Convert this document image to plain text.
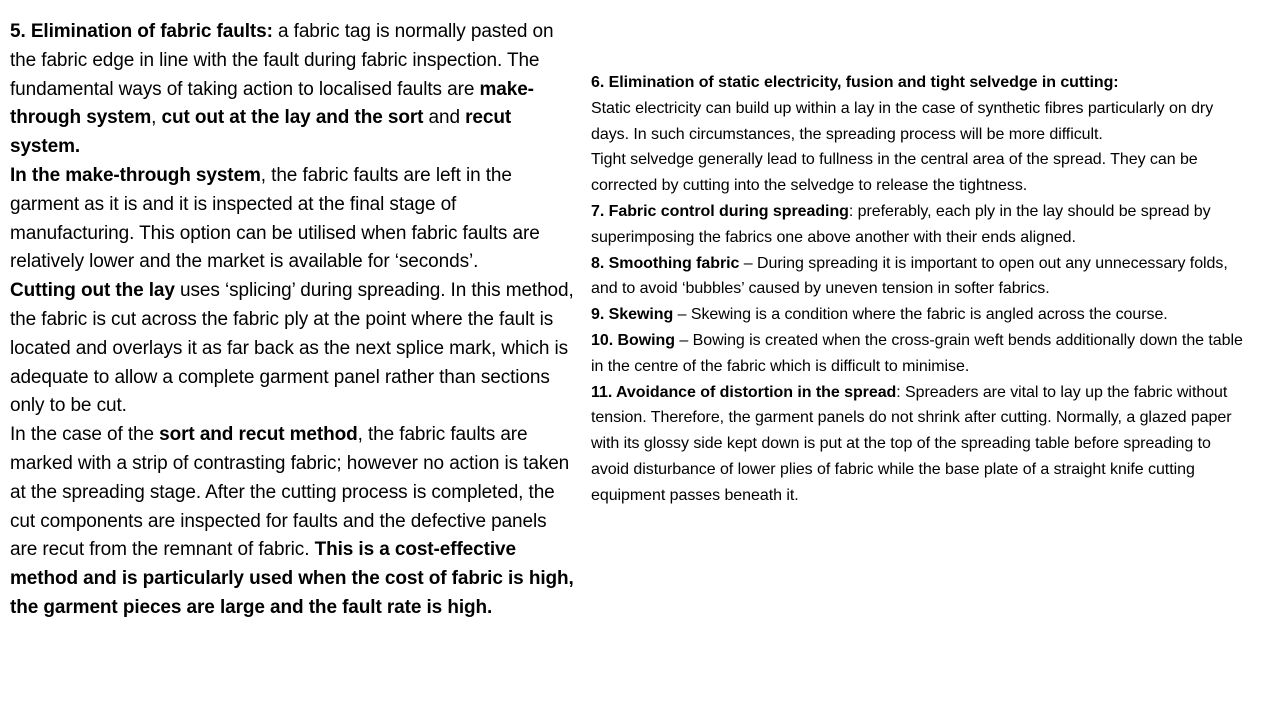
5. Elimination of fabric faults: a fabric tag is normally pasted on the fabric edge in line with the fault during fabric inspection. The fundamental ways of taking action to localised faults are make-through system, cut out at the lay and the sort and recut system.

In the make-through system, the fabric faults are left in the garment as it is and it is inspected at the final stage of manufacturing. This option can be utilised when fabric faults are relatively lower and the market is available for ‘seconds’.

Cutting out the lay uses ‘splicing’ during spreading. In this method, the fabric is cut across the fabric ply at the point where the fault is located and overlays it as far back as the next splice mark, which is adequate to allow a complete garment panel rather than sections only to be cut.

In the case of the sort and recut method, the fabric faults are marked with a strip of contrasting fabric; however no action is taken at the spreading stage. After the cutting process is completed, the cut components are inspected for faults and the defective panels are recut from the remnant of fabric. This is a cost-effective method and is particularly used when the cost of fabric is high, the garment pieces are large and the fault rate is high.

6. Elimination of static electricity, fusion and tight selvedge in cutting:
Static electricity can build up within a lay in the case of synthetic fibres particularly on dry days. In such circumstances, the spreading process will be more difficult.

Tight selvedge generally lead to fullness in the central area of the spread. They can be corrected by cutting into the selvedge to release the tightness.

7. Fabric control during spreading: preferably, each ply in the lay should be spread by superimposing the fabrics one above another with their ends aligned.

8. Smoothing fabric – During spreading it is important to open out any unnecessary folds, and to avoid ‘bubbles’ caused by uneven tension in softer fabrics.

9. Skewing – Skewing is a condition where the fabric is angled across the course.

10. Bowing – Bowing is created when the cross-grain weft bends additionally down the table in the centre of the fabric which is difficult to minimise.

11. Avoidance of distortion in the spread: Spreaders are vital to lay up the fabric without tension. Therefore, the garment panels do not shrink after cutting. Normally, a glazed paper with its glossy side kept down is put at the top of the spreading table before spreading to avoid disturbance of lower plies of fabric while the base plate of a straight knife cutting equipment passes beneath it.
